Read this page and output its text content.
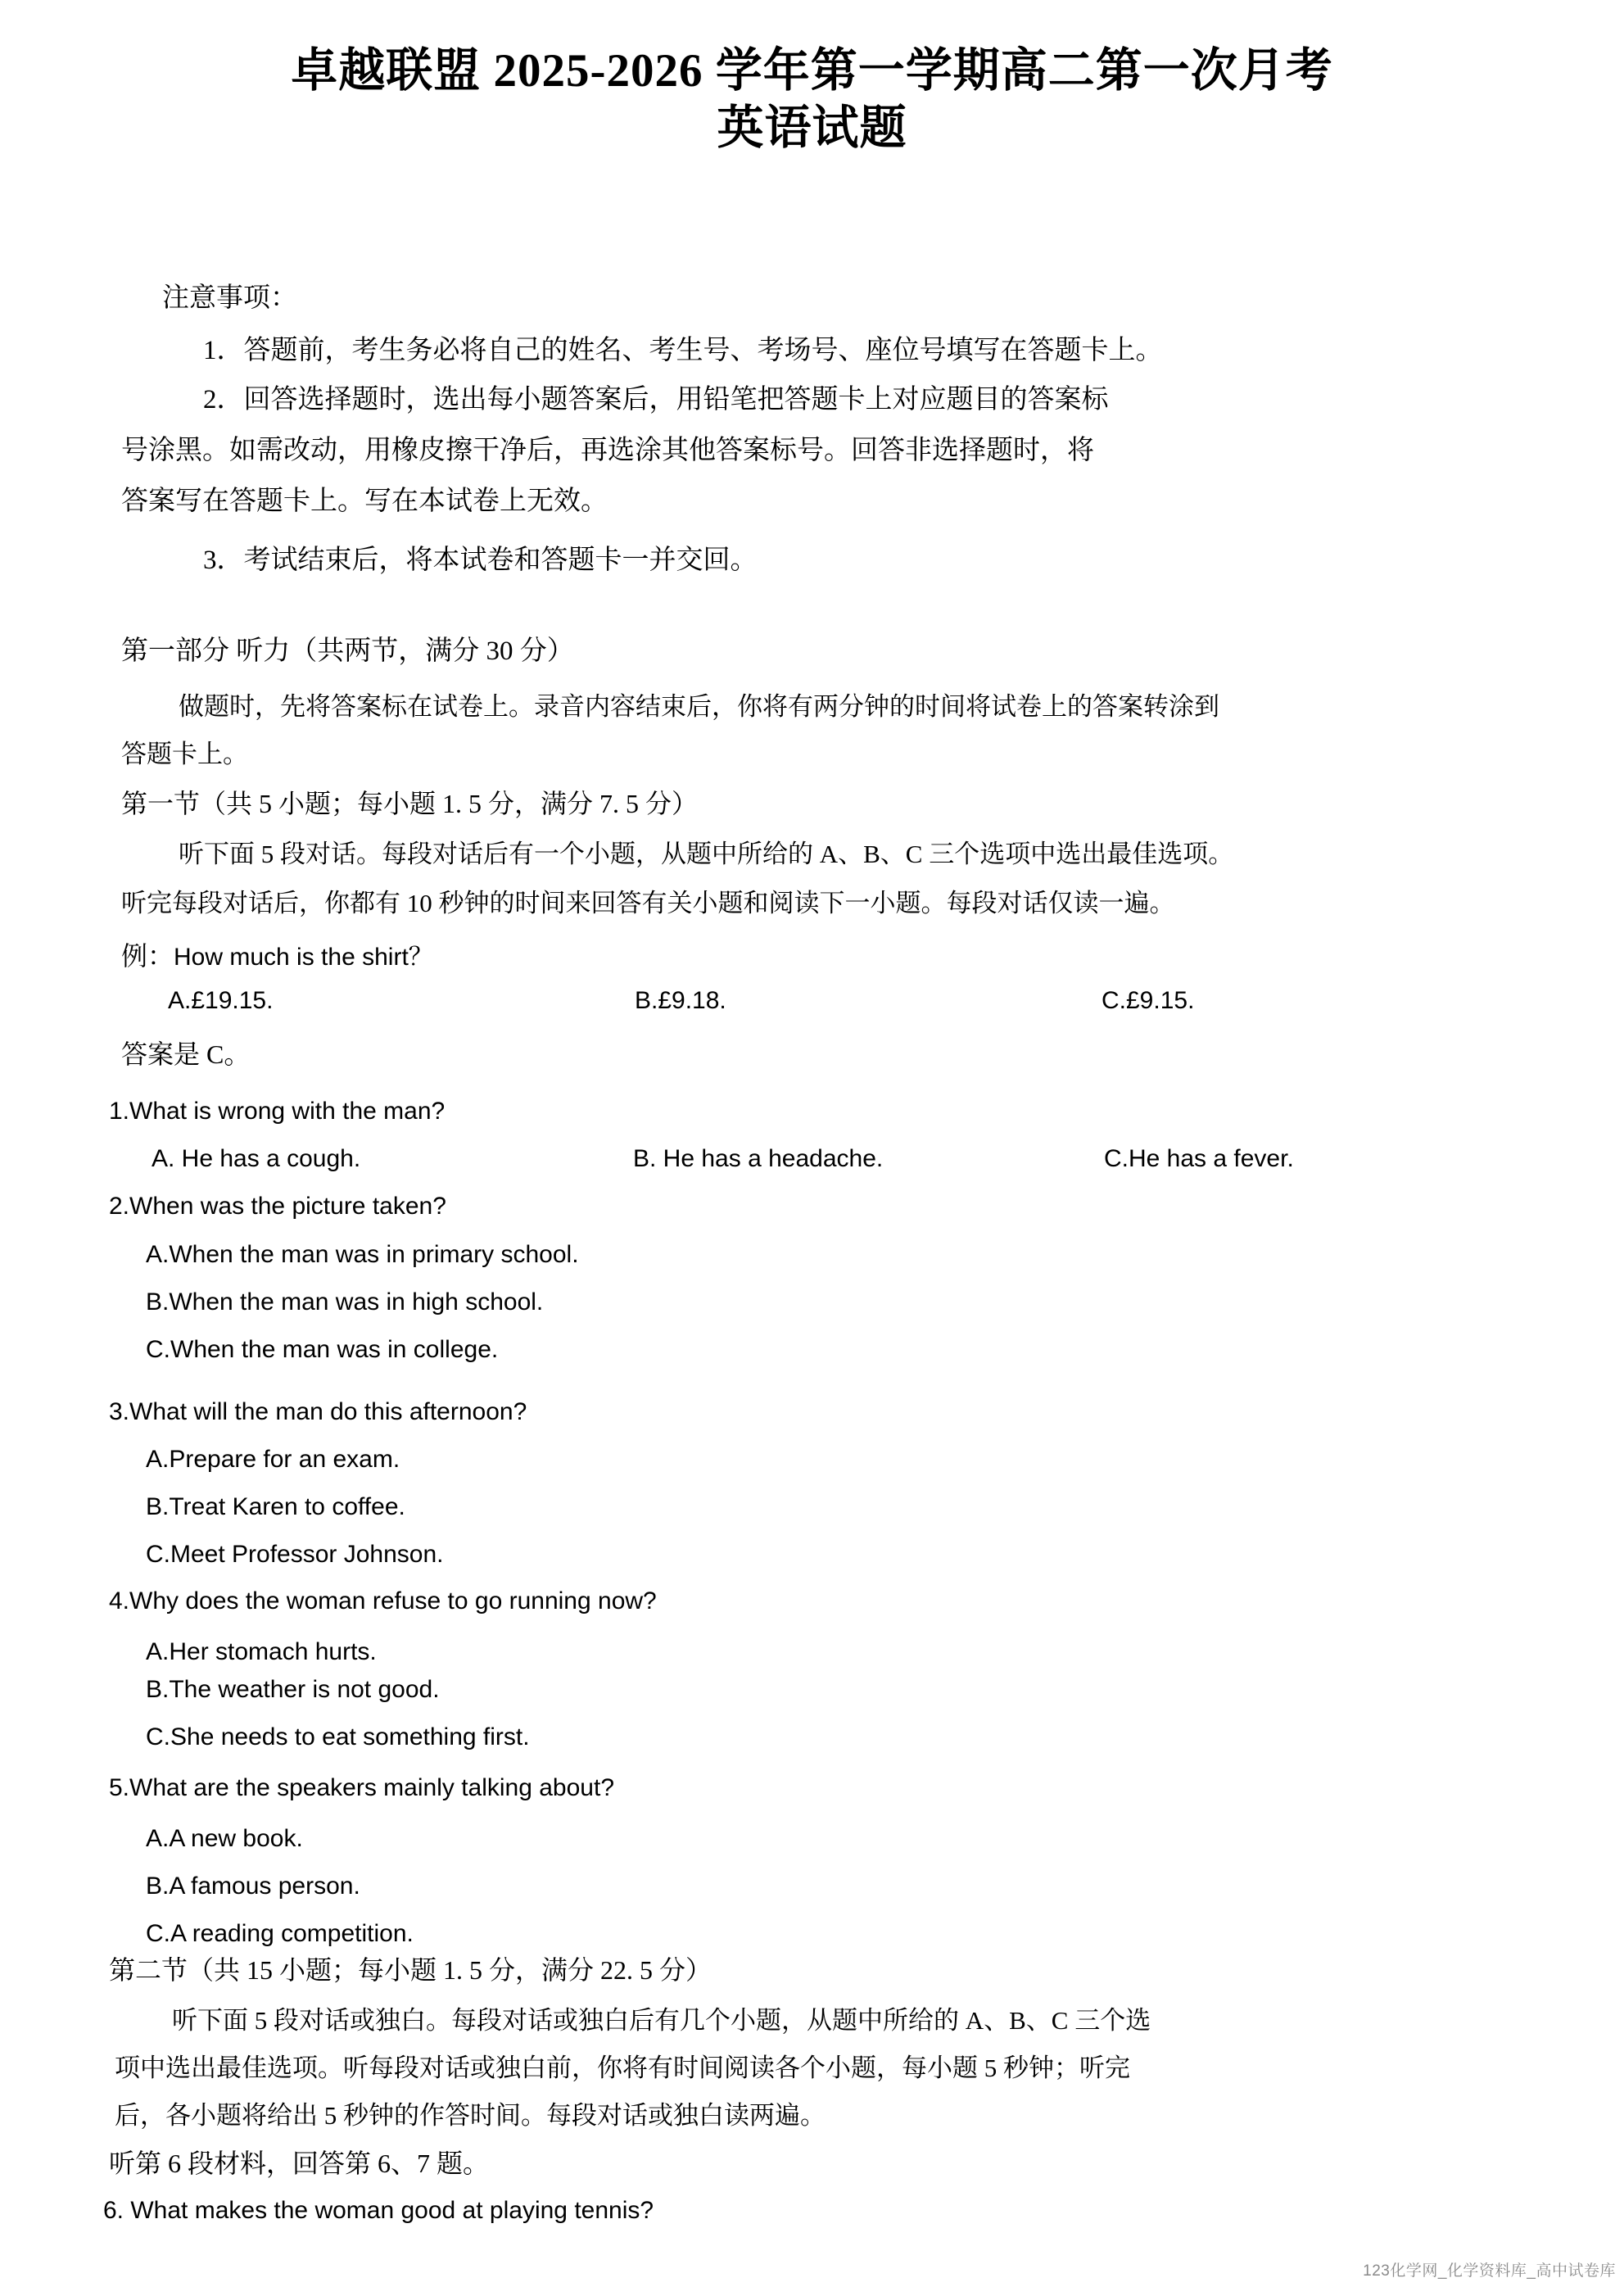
卓越联盟 2025-2026 学年第一学期高二第一次月考
英语试题
注意事项：
1．答题前，考生务必将自己的姓名、考生号、考场号、座位号填写在答题卡上。
2．回答选择题时，选出每小题答案后，用铅笔把答题卡上对应题目的答案标
号涂黑。如需改动，用橡皮擦干净后，再选涂其他答案标号。回答非选择题时，将
答案写在答题卡上。写在本试卷上无效。
3．考试结束后，将本试卷和答题卡一并交回。
第一部分 听力（共两节，满分 30 分）
做题时，先将答案标在试卷上。录音内容结束后，你将有两分钟的时间将试卷上的答案转涂到
答题卡上。
第一节（共 5 小题；每小题 1. 5 分，满分 7. 5 分）
听下面 5 段对话。每段对话后有一个小题，从题中所给的 A、B、C 三个选项中选出最佳选项。
听完每段对话后，你都有 10 秒钟的时间来回答有关小题和阅读下一小题。每段对话仅读一遍。
例：How much is the shirt？
A.£19.15.	B.£9.18.	C.£9.15.
答案是 C。
1.What is wrong with the man?
A. He has a cough.	B. He has a headache.	C.He has a fever.
2.When was the picture taken?
A.When the man was in primary school.
B.When the man was in high school.
C.When the man was in college.
3.What will the man do this afternoon?
A.Prepare for an exam.
B.Treat Karen to coffee.
C.Meet Professor Johnson.
4.Why does the woman refuse to go running now?
A.Her stomach hurts.
B.The weather is not good.
C.She needs to eat something first.
5.What are the speakers mainly talking about?
A.A new book.
B.A famous person.
C.A reading competition.
第二节（共 15 小题；每小题 1. 5 分，满分 22. 5 分）
听下面 5 段对话或独白。每段对话或独白后有几个小题，从题中所给的 A、B、C 三个选
项中选出最佳选项。听每段对话或独白前，你将有时间阅读各个小题，每小题 5 秒钟；听完
后，各小题将给出 5 秒钟的作答时间。每段对话或独白读两遍。
听第 6 段材料，回答第 6、7 题。
6. What makes the woman good at playing tennis?
123化学网_化学资料库_高中试卷库
